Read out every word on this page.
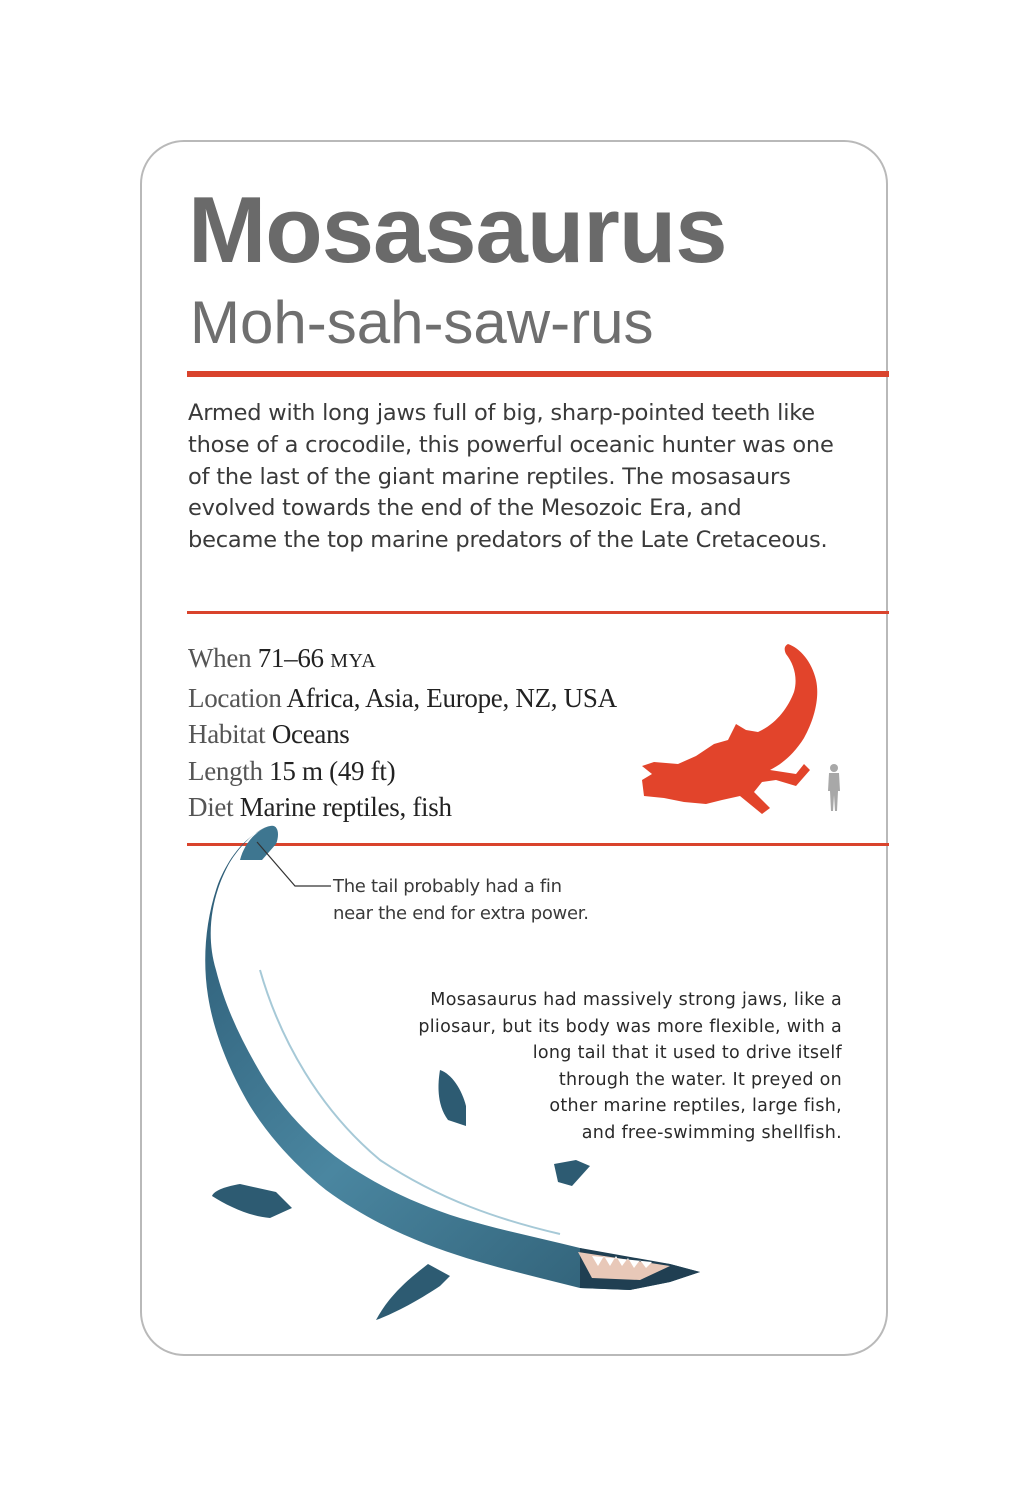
Mosasaurus
Moh-sah-saw-rus

Armed with long jaws full of big, sharp-pointed teeth like
those of a crocodile, this powerful oceanic hunter was one
of the last of the giant marine reptiles. The mosasaurs
evolved towards the end of the Mesozoic Era, and
became the top marine predators of the Late Cretaceous.

When 71–66 MYA
Location Africa, Asia, Europe, NZ, USA
Habitat Oceans
Length 15 m (49 ft)
Diet Marine reptiles, fish

The tail probably had a fin
near the end for extra power.

Mosasaurus had massively strong jaws, like a
pliosaur, but its body was more flexible, with a
long tail that it used to drive itself
through the water. It preyed on
other marine reptiles, large fish,
and free-swimming shellfish.
